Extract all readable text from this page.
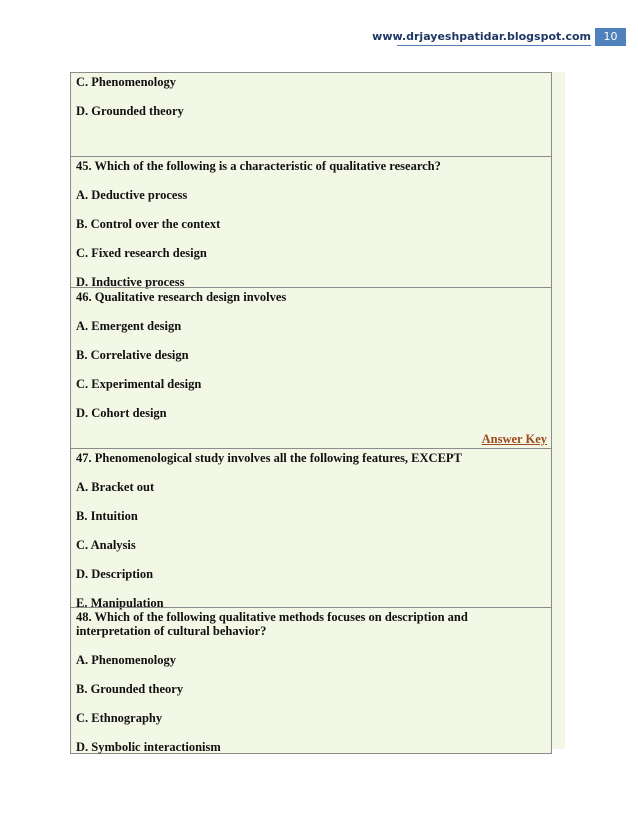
www.drjayeshpatidar.blogspot.com	10
C. Phenomenology
D. Grounded theory
45. Which of the following is a characteristic of qualitative research?
A. Deductive process
B. Control over the context
C. Fixed research design
D. Inductive process
46. Qualitative research design involves
A. Emergent design
B. Correlative design
C. Experimental design
D. Cohort design
Answer Key
47. Phenomenological study involves all the following features, EXCEPT
A. Bracket out
B. Intuition
C. Analysis
D. Description
E. Manipulation
48. Which of the following qualitative methods focuses on description and
interpretation of cultural behavior?
A. Phenomenology
B. Grounded theory
C. Ethnography
D. Symbolic interactionism
